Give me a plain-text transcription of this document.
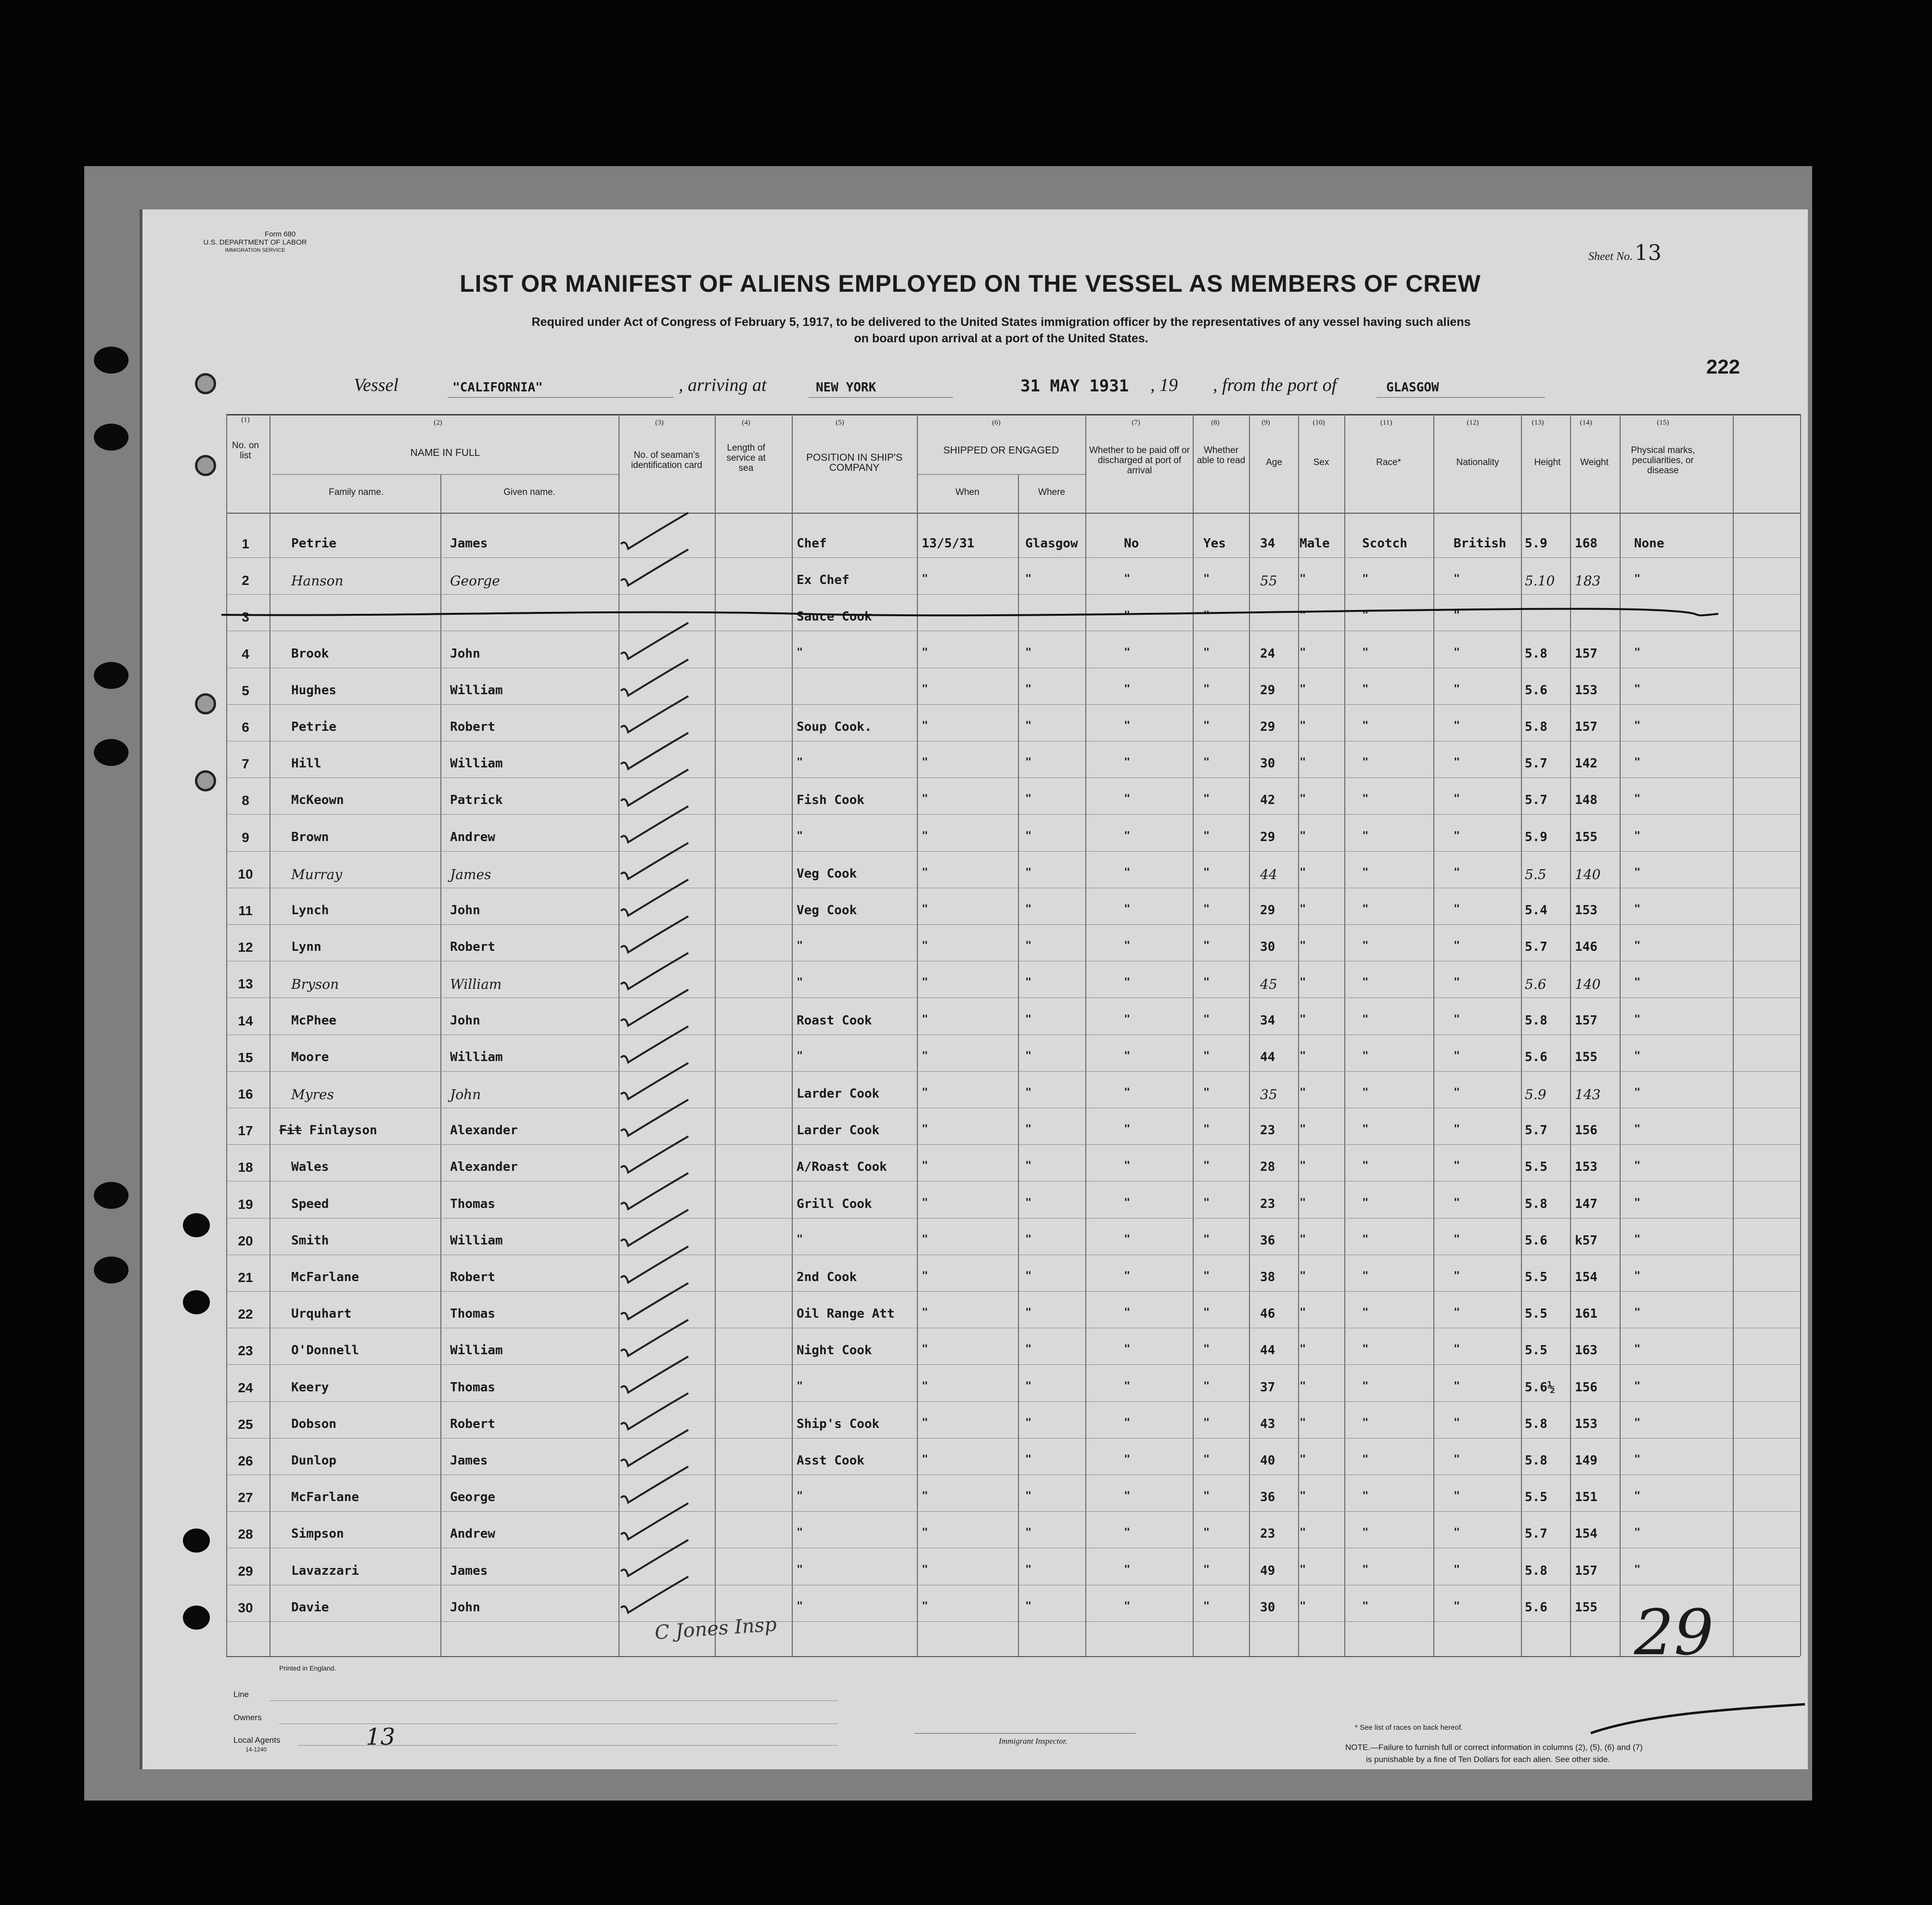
Form 680
U.S. DEPARTMENT OF LABOR
IMMIGRATION SERVICE	Sheet No. 13
LIST OR MANIFEST OF ALIENS EMPLOYED ON THE VESSEL AS MEMBERS OF CREW
Required under Act of Congress of February 5, 1917, to be delivered to the United States immigration officer by the representatives of any vessel having such aliens
on board upon arrival at a port of the United States.
222
Vessel	"CALIFORNIA"	, arriving at	NEW YORK	31 MAY 1931 , 19 , from the port of	GLASGOW
(1)	(2)	(3)	(4)	(5)	(6)	(7)	(8)	(9)	(10)	(11)	(12)	(13)	(14)	(15)
No. on list	NAME IN FULL
Family name.	Given name.
No. of seaman's identification card
Length of service at sea
POSITION IN SHIP'S COMPANY
SHIPPED OR ENGAGED
When	Where
Whether to be paid off or discharged at port of arrival
Whether able to read	Age	Sex	Race*	Nationality	Height	Weight
Physical marks, peculiarities, or disease
1	Petrie	James	Chef	13/5/31	Glasgow	No	Yes	34 Male	Scotch	British 5.9 168	None
2	Hanson	George	Ex Chef	"	"	"	"	55 "	"	"	5.10 183	"
3	Sauce Cook	"	"	"	"	"
4	Brook	John	"	"	"	"	"	24 "	"	"	5.8 157	"
5	Hughes	William	"	"	"	"	29 "	"	"	5.6 153	"
6	Petrie	Robert	Soup Cook.	"	"	"	"	29 "	"	"	5.8 157	"
7	Hill	William	"	"	"	"	"	30 "	"	"	5.7 142	"
8	McKeown	Patrick	Fish Cook	"	"	"	"	42 "	"	"	5.7 148	"
9	Brown	Andrew	"	"	"	"	"	29 "	"	"	5.9 155	"
10	Murray	James	Veg Cook	"	"	"	"	44 "	"	"	5.5 140	"
11	Lynch	John	Veg Cook	"	"	"	"	29 "	"	"	5.4 153	"
12	Lynn	Robert	"	"	"	"	"	30 "	"	"	5.7 146	"
13	Bryson	William	"	"	"	"	"	45 "	"	"	5.6 140	"
14	McPhee	John	Roast Cook	"	"	"	"	34 "	"	"	5.8 157	"
15	Moore	William	"	"	"	"	"	44 "	"	"	5.6 155	"
16	Myres	John	Larder Cook	"	"	"	"	35 "	"	"	5.9 143	"
17	Fit Finlayson	Alexander	Larder Cook	"	"	"	"	23 "	"	"	5.7 156	"
18	Wales	Alexander	A/Roast Cook	"	"	"	"	28 "	"	"	5.5 153	"
19	Speed	Thomas	Grill Cook	"	"	"	"	23 "	"	"	5.8 147	"
20	Smith	William	"	"	"	"	"	36 "	"	"	5.6 k57	"
21	McFarlane	Robert	2nd Cook	"	"	"	"	38 "	"	"	5.5 154	"
22	Urquhart	Thomas	Oil Range Att	"	"	"	"	46 "	"	"	5.5 161	"
23	O'Donnell	William	Night Cook	"	"	"	"	44 "	"	"	5.5 163	"
24	Keery	Thomas	"	"	"	"	"	37 "	"	"	5.6½ 156	"
25	Dobson	Robert	Ship's Cook	"	"	"	"	43 "	"	"	5.8 153	"
26	Dunlop	James	Asst Cook	"	"	"	"	40 "	"	"	5.8 149	"
27	McFarlane	George	"	"	"	"	"	36 "	"	"	5.5 151	"
28	Simpson	Andrew	"	"	"	"	"	23 "	"	"	5.7 154	"
29	Lavazzari	James	"	"	"	"	"	49 "	"	"	5.8 157	"
30	Davie	John	"	"	"	"	"	30 "	"	"	5.6 155
Printed in England.
Line
Owners
Local Agents
14-1240	13	Immigrant Inspector.
C Jones Insp	29
* See list of races on back hereof.
NOTE.—Failure to furnish full or correct information in columns (2), (5), (6) and (7)
is punishable by a fine of Ten Dollars for each alien. See other side.
